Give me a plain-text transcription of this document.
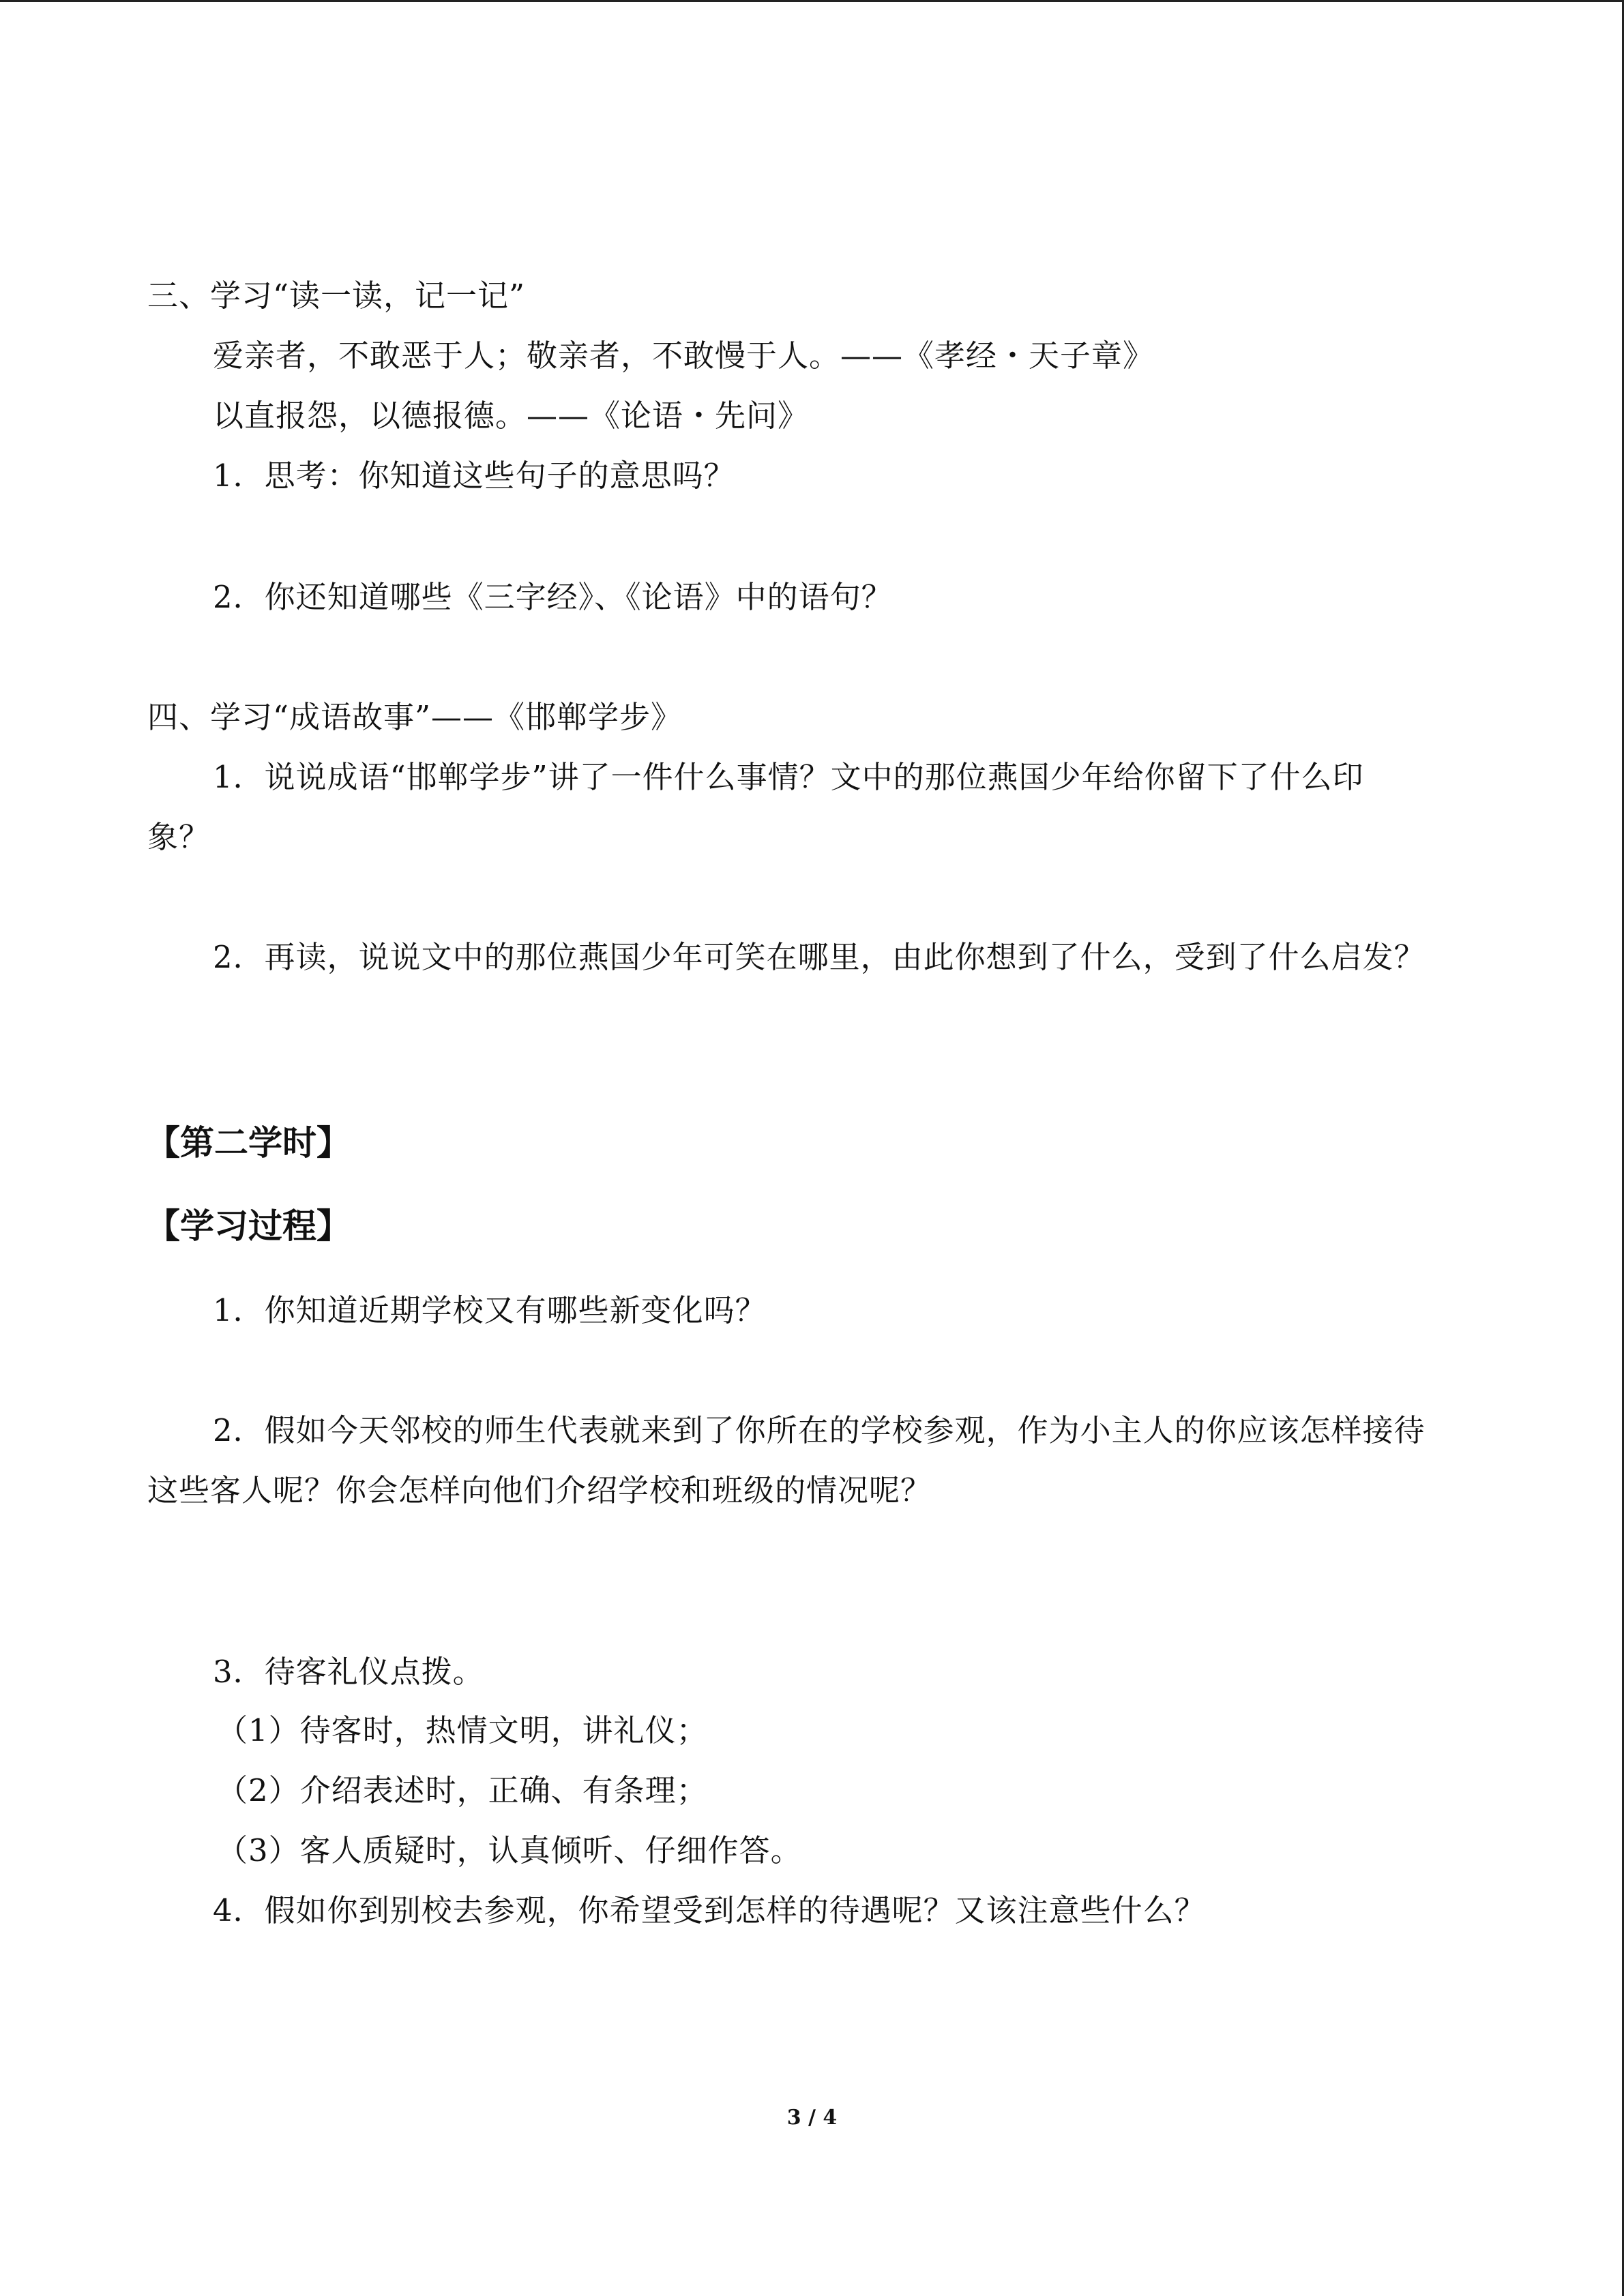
三、学习“读一读，记一记”
爱亲者，不敢恶于人；敬亲者，不敢慢于人。——《孝经・天子章》
以直报怨，以德报德。——《论语・先问》
1．思考：你知道这些句子的意思吗？
2．你还知道哪些《三字经》、《论语》中的语句？
四、学习“成语故事”——《邯郸学步》
1．说说成语“邯郸学步”讲了一件什么事情？文中的那位燕国少年给你留下了什么印
象？
2．再读，说说文中的那位燕国少年可笑在哪里，由此你想到了什么，受到了什么启发？
【第二学时】
【学习过程】
1．你知道近期学校又有哪些新变化吗？
2．假如今天邻校的师生代表就来到了你所在的学校参观，作为小主人的你应该怎样接待
这些客人呢？你会怎样向他们介绍学校和班级的情况呢？
3．待客礼仪点拨。
（1）待客时，热情文明，讲礼仪；
（2）介绍表述时，正确、有条理；
（3）客人质疑时，认真倾听、仔细作答。
4．假如你到别校去参观，你希望受到怎样的待遇呢？又该注意些什么？
3 / 4
